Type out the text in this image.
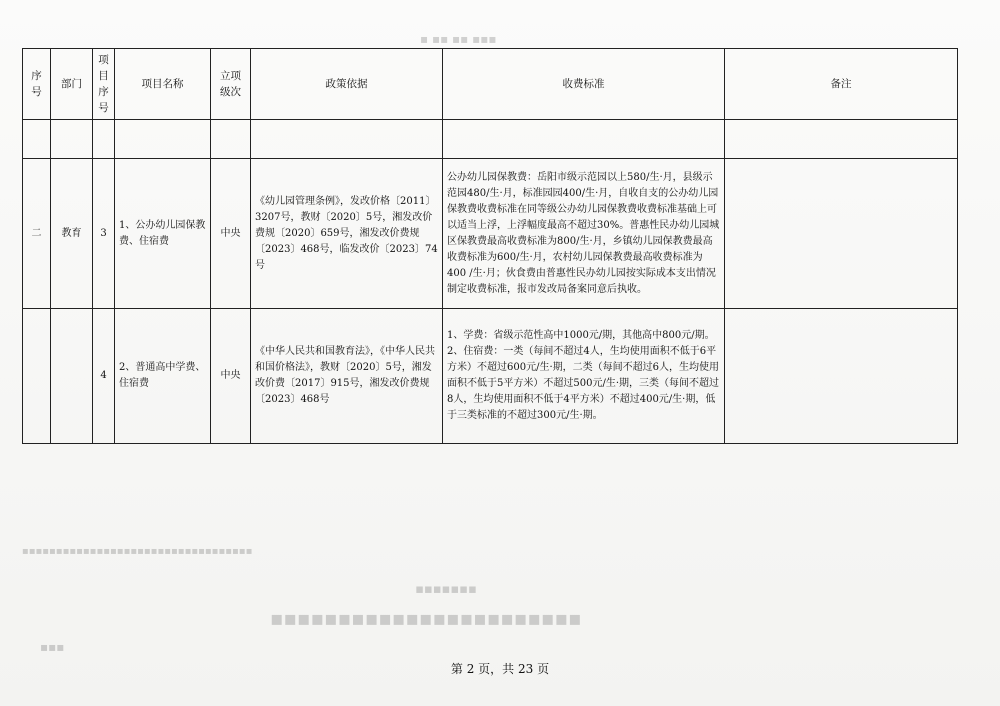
▪▪▪ ▪▪ ▪▪ ▪
▪▪▪▪▪▪▪
▪▪▪▪▪▪▪▪▪▪▪▪▪▪▪▪▪▪▪▪▪▪▪
▪▪▪▪▪▪▪▪▪▪▪▪▪▪▪▪▪▪▪▪▪▪▪▪▪▪▪▪▪▪▪▪▪▪
▪▪▪
序号	部门	项目序号	项目名称	立项级次	政策依据	收费标准	备注

二	教育	3	1、公办幼儿园保教费、住宿费	中央	《幼儿园管理条例》，发改价格〔2011〕3207号，教财〔2020〕5号，湘发改价费规〔2020〕659号，湘发改价费规〔2023〕468号，临发改价〔2023〕74号	公办幼儿园保教费：岳阳市级示范园以上580/生·月，县级示范园480/生·月，标准园园400/生·月，自收自支的公办幼儿园保教费收费标准在同等级公办幼儿园保教费收费标准基础上可以适当上浮，上浮幅度最高不超过30%。普惠性民办幼儿园城区保教费最高收费标准为800/生·月，乡镇幼儿园保教费最高收费标准为600/生·月，农村幼儿园保教费最高收费标准为400 /生·月；伙食费由普惠性民办幼儿园按实际成本支出情况制定收费标准，报市发改局备案同意后执收。	
		4	2、普通高中学费、住宿费	中央	《中华人民共和国教育法》，《中华人民共和国价格法》，教财〔2020〕5号，湘发改价费〔2017〕915号，湘发改价费规〔2023〕468号	1、学费：省级示范性高中1000元/期，其他高中800元/期。
2、住宿费：一类（每间不超过4人，生均使用面积不低于6平方米）不超过600元/生·期，二类（每间不超过6人，生均使用面积不低于5平方米）不超过500元/生·期，三类（每间不超过8人，生均使用面积不低于4平方米）不超过400元/生·期，低于三类标准的不超过300元/生·期。	
第 2 页，共 23 页
